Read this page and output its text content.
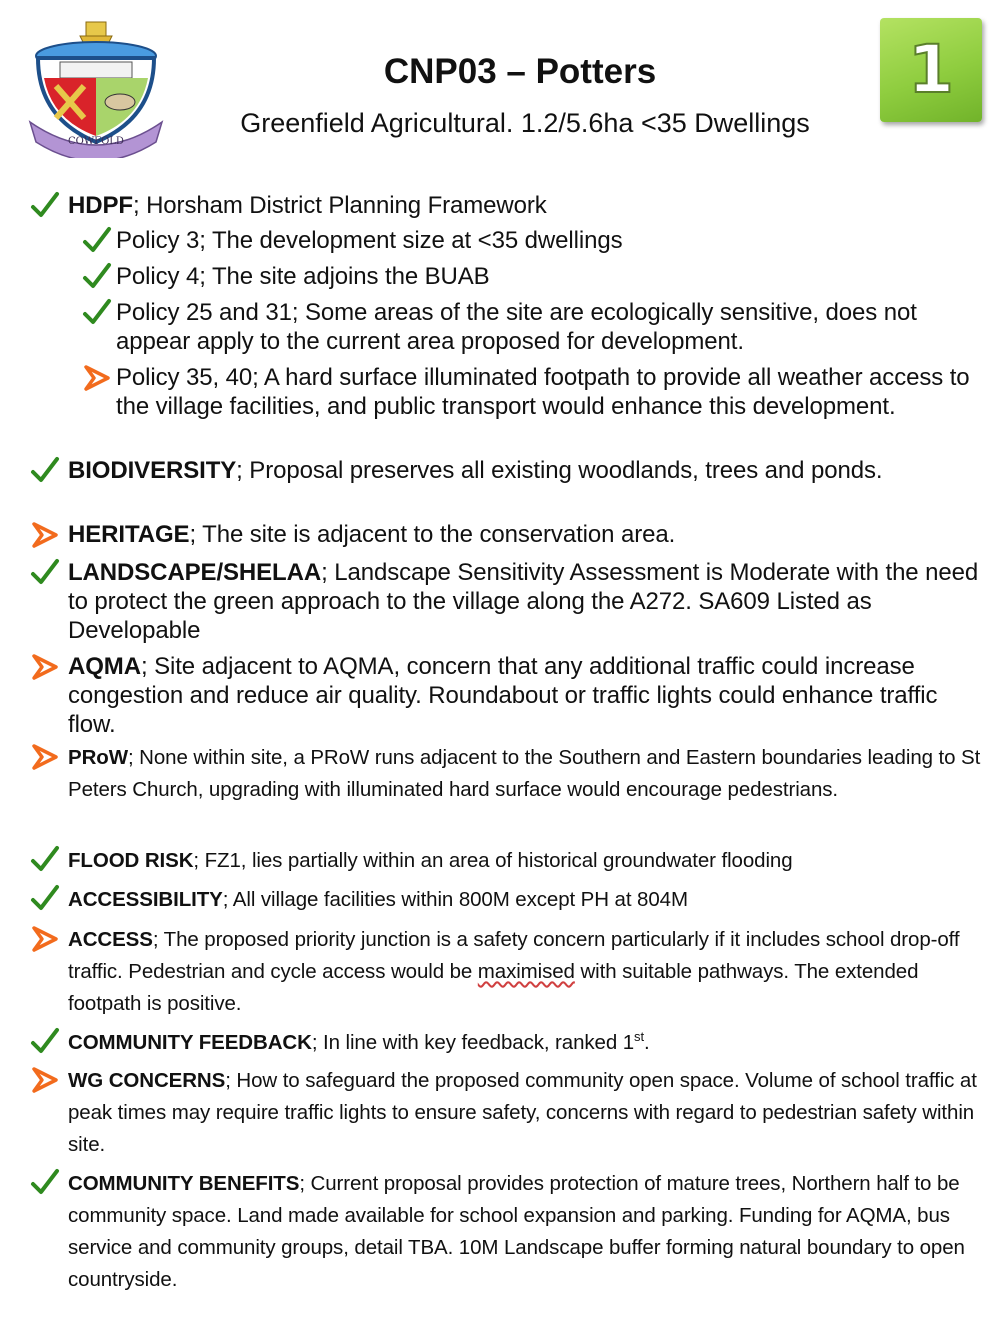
COWFOLD
CNP03 – Potters

Greenfield Agricultural. 1.2/5.6ha <35 Dwellings

1
HDPF; Horsham District Planning Framework
Policy 3; The development size at <35 dwellings
Policy 4; The site adjoins the BUAB
Policy 25 and 31; Some areas of the site are ecologically sensitive, does not appear apply to the current area proposed for development.
Policy 35, 40; A hard surface illuminated footpath to provide all weather access to the village facilities, and public transport would enhance this development.
BIODIVERSITY; Proposal preserves all existing woodlands, trees and ponds.
HERITAGE; The site is adjacent to the conservation area.
LANDSCAPE/SHELAA; Landscape Sensitivity Assessment is Moderate with the need to protect the green approach to the village along the A272. SA609 Listed as Developable
AQMA; Site adjacent to AQMA, concern that any additional traffic could increase congestion and reduce air quality. Roundabout or traffic lights could enhance traffic flow.
PRoW; None within site, a PRoW runs adjacent to the Southern and Eastern boundaries leading to St Peters Church, upgrading with illuminated hard surface would encourage pedestrians.
FLOOD RISK; FZ1, lies partially within an area of historical groundwater flooding
ACCESSIBILITY; All village facilities within 800M except PH at 804M
ACCESS; The proposed priority junction is a safety concern particularly if it includes school drop-off traffic. Pedestrian and cycle access would be maximised with suitable pathways. The extended footpath is positive.
COMMUNITY FEEDBACK; In line with key feedback, ranked 1st.
WG CONCERNS; How to safeguard the proposed community open space. Volume of school traffic at peak times may require traffic lights to ensure safety, concerns with regard to pedestrian safety within site.
COMMUNITY BENEFITS; Current proposal provides protection of mature trees, Northern half to be community space. Land made available for school expansion and parking. Funding for AQMA, bus service and community groups, detail TBA. 10M Landscape buffer forming natural boundary to open countryside.
